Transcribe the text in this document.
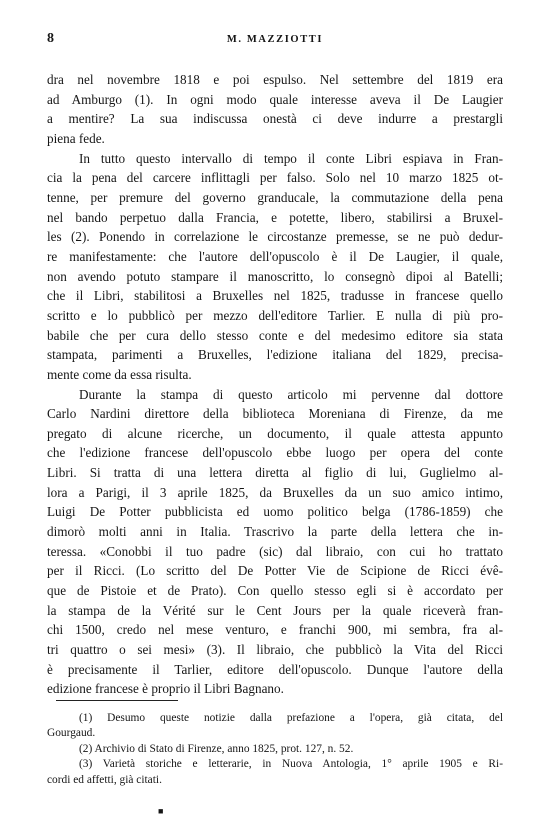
8	M. MAZZIOTTI

dra nel novembre 1818 e poi espulso. Nel settembre del 1819 era
ad Amburgo (1). In ogni modo quale interesse aveva il De Laugier
a mentire? La sua indiscussa onestà ci deve indurre a prestargli
piena fede.

In tutto questo intervallo di tempo il conte Libri espiava in Fran-
cia la pena del carcere inflittagli per falso. Solo nel 10 marzo 1825 ot-
tenne, per premure del governo granducale, la commutazione della pena
nel bando perpetuo dalla Francia, e potette, libero, stabilirsi a Bruxel-
les (2). Ponendo in correlazione le circostanze premesse, se ne può dedur-
re manifestamente: che l'autore dell'opuscolo è il De Laugier, il quale,
non avendo potuto stampare il manoscritto, lo consegnò dipoi al Batelli;
che il Libri, stabilitosi a Bruxelles nel 1825, tradusse in francese quello
scritto e lo pubblicò per mezzo dell'editore Tarlier. E nulla di più pro-
babile che per cura dello stesso conte e del medesimo editore sia stata
stampata, parimenti a Bruxelles, l'edizione italiana del 1829, precisa-
mente come da essa risulta.

Durante la stampa di questo articolo mi pervenne dal dottore
Carlo Nardini direttore della biblioteca Moreniana di Firenze, da me
pregato di alcune ricerche, un documento, il quale attesta appunto
che l'edizione francese dell'opuscolo ebbe luogo per opera del conte
Libri. Si tratta di una lettera diretta al figlio di lui, Guglielmo al-
lora a Parigi, il 3 aprile 1825, da Bruxelles da un suo amico intimo,
Luigi De Potter pubblicista ed uomo politico belga (1786-1859) che
dimorò molti anni in Italia. Trascrivo la parte della lettera che in-
teressa. «Conobbi il tuo padre (sic) dal libraio, con cui ho trattato
per il Ricci. (Lo scritto del De Potter Vie de Scipione de Ricci évê-
que de Pistoie et de Prato). Con quello stesso egli si è accordato per
la stampa de la Vérité sur le Cent Jours per la quale riceverà fran-
chi 1500, credo nel mese venturo, e franchi 900, mi sembra, fra al-
tri quattro o sei mesi» (3). Il libraio, che pubblicò la Vita del Ricci
è precisamente il Tarlier, editore dell'opuscolo. Dunque l'autore della
edizione francese è proprio il Libri Bagnano.

(1) Desumo queste notizie dalla prefazione a l'opera, già citata, del
Gourgaud.

(2) Archivio di Stato di Firenze, anno 1825, prot. 127, n. 52.

(3) Varietà storiche e letterarie, in Nuova Antologia, 1° aprile 1905 e Ri-
cordi ed affetti, già citati.

■
